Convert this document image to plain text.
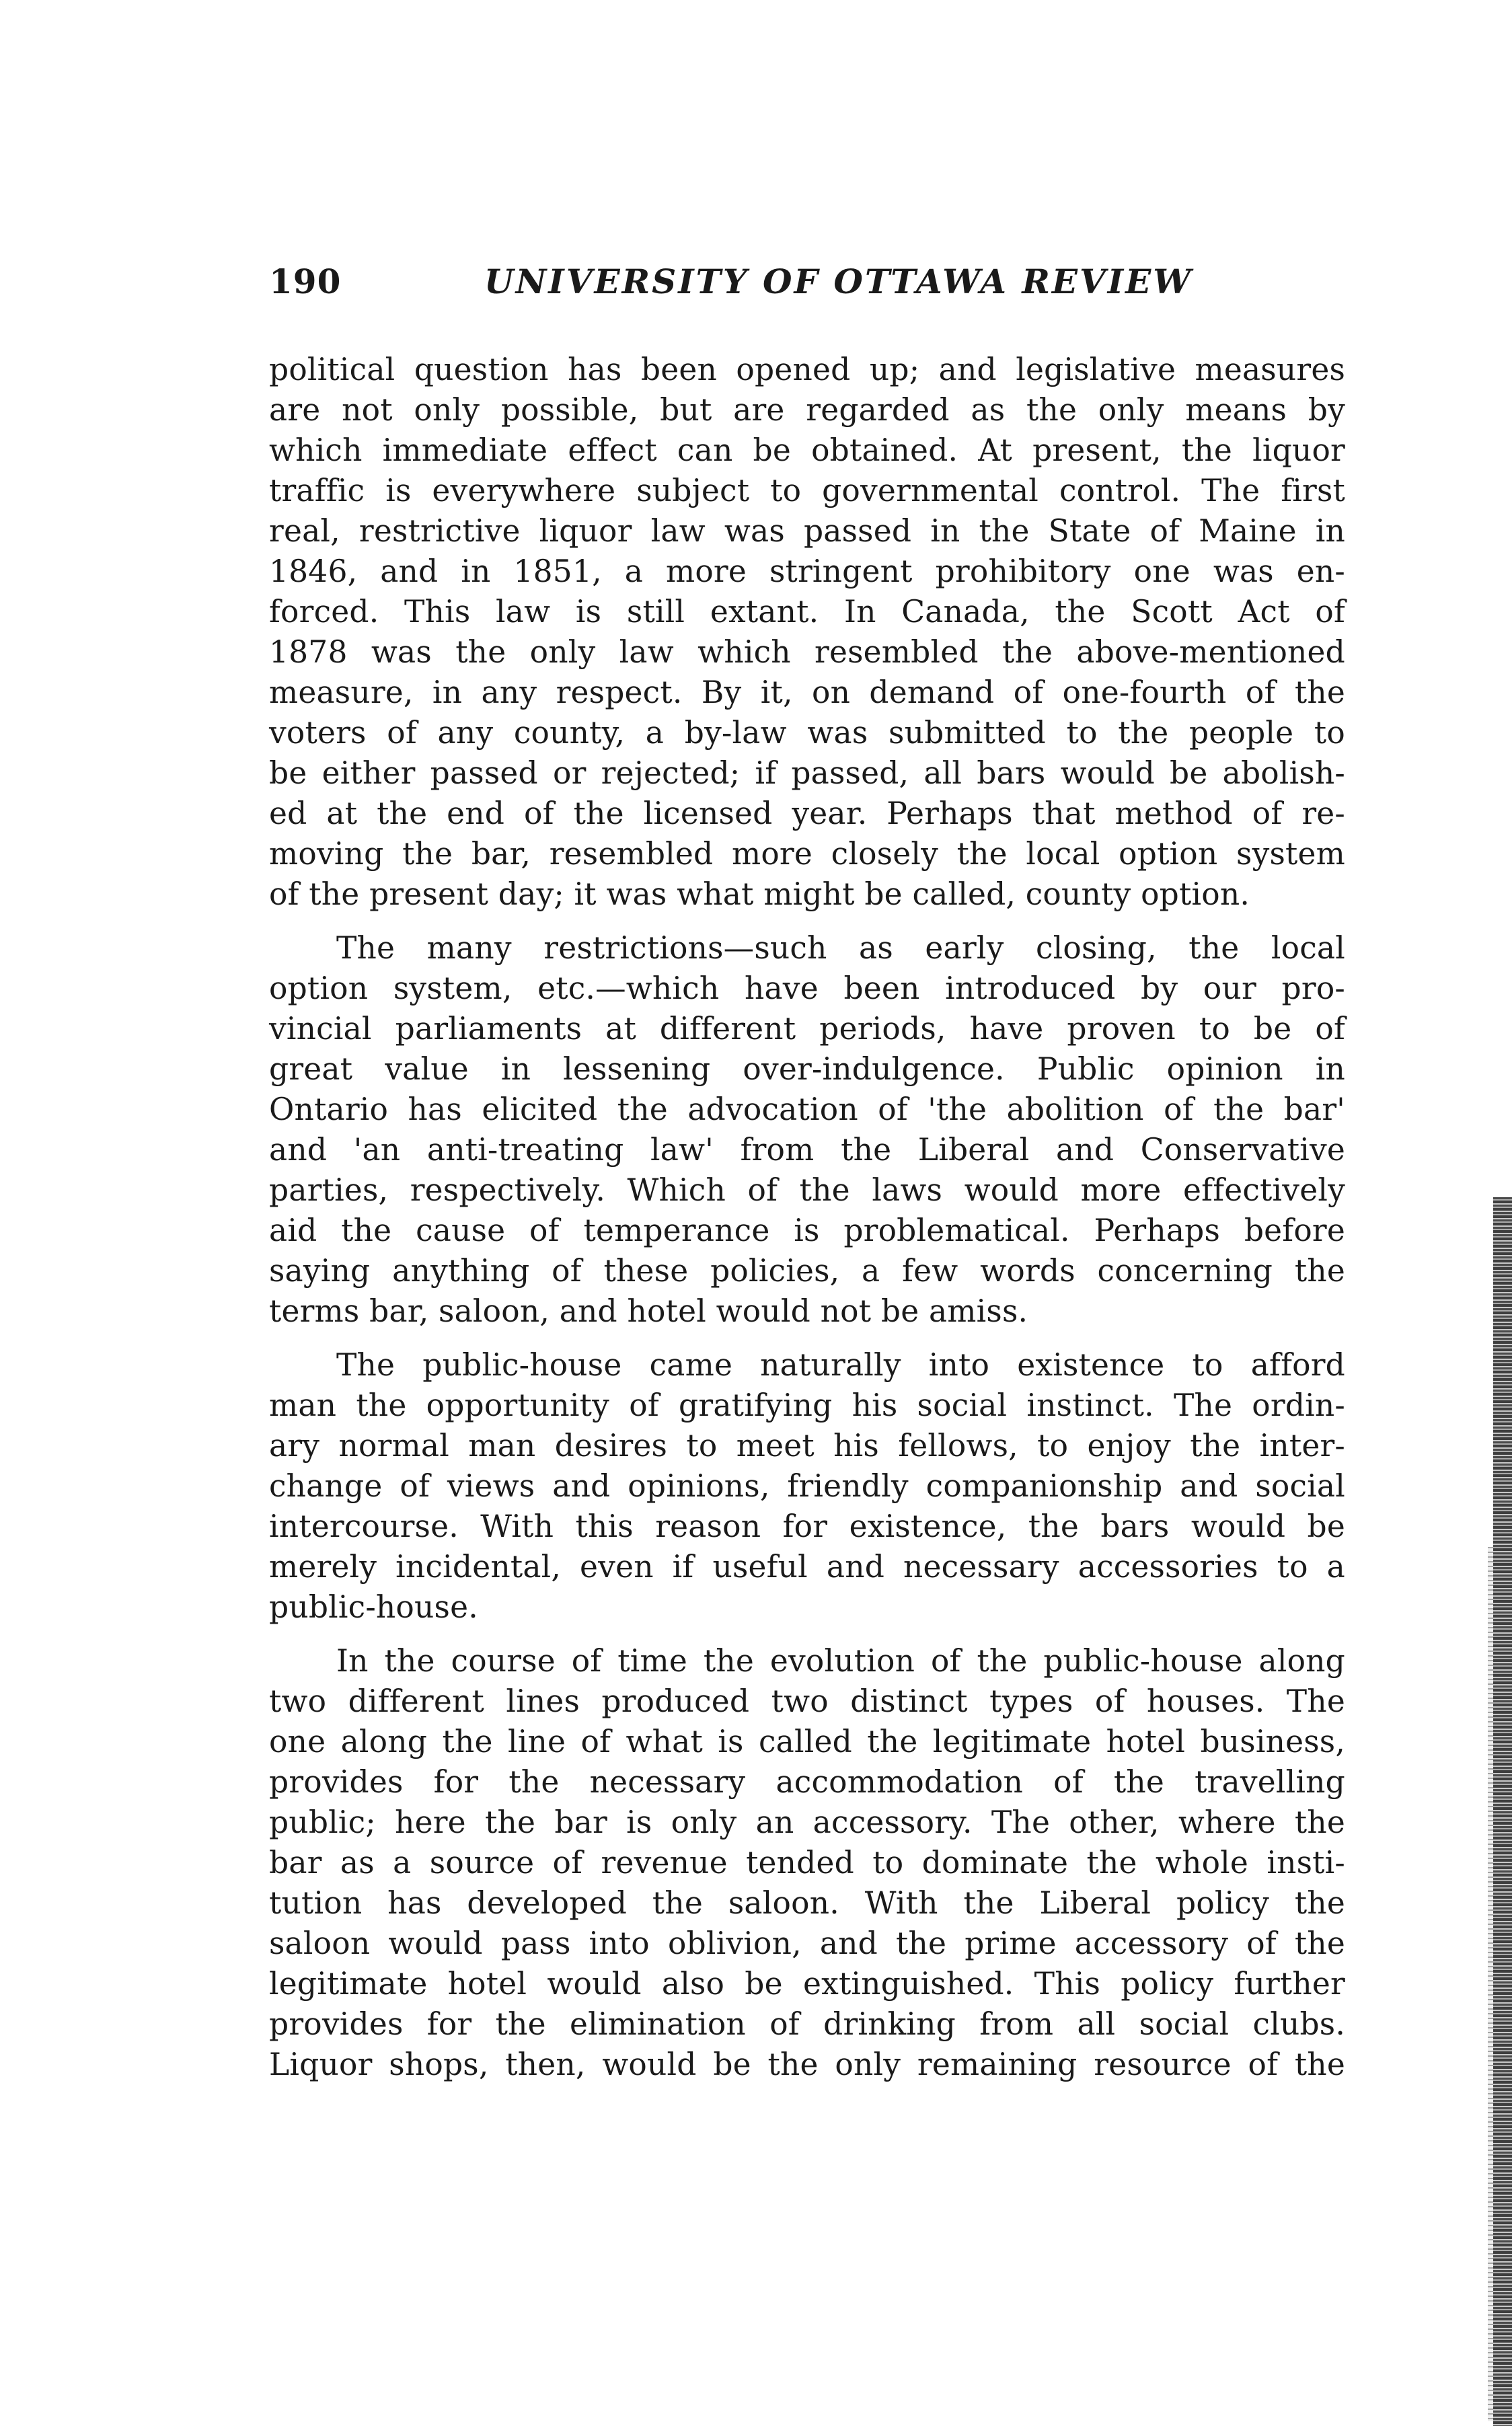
190	UNIVERSITY OF OTTAWA REVIEW
political question has been opened up; and legislative measures
are not only possible, but are regarded as the only means by
which immediate effect can be obtained. At present, the liquor
traffic is everywhere subject to governmental control. The first
real, restrictive liquor law was passed in the State of Maine in
1846, and in 1851, a more stringent prohibitory one was en-
forced. This law is still extant. In Canada, the Scott Act of
1878 was the only law which resembled the above-mentioned
measure, in any respect. By it, on demand of one-fourth of the
voters of any county, a by-law was submitted to the people to
be either passed or rejected; if passed, all bars would be abolish-
ed at the end of the licensed year. Perhaps that method of re-
moving the bar, resembled more closely the local option system
of the present day; it was what might be called, county option.
The many restrictions—such as early closing, the local
option system, etc.—which have been introduced by our pro-
vincial parliaments at different periods, have proven to be of
great value in lessening over-indulgence. Public opinion in
Ontario has elicited the advocation of 'the abolition of the bar'
and 'an anti-treating law' from the Liberal and Conservative
parties, respectively. Which of the laws would more effectively
aid the cause of temperance is problematical. Perhaps before
saying anything of these policies, a few words concerning the
terms bar, saloon, and hotel would not be amiss.
The public-house came naturally into existence to afford
man the opportunity of gratifying his social instinct. The ordin-
ary normal man desires to meet his fellows, to enjoy the inter-
change of views and opinions, friendly companionship and social
intercourse. With this reason for existence, the bars would be
merely incidental, even if useful and necessary accessories to a
public-house.
In the course of time the evolution of the public-house along
two different lines produced two distinct types of houses. The
one along the line of what is called the legitimate hotel business,
provides for the necessary accommodation of the travelling
public; here the bar is only an accessory. The other, where the
bar as a source of revenue tended to dominate the whole insti-
tution has developed the saloon. With the Liberal policy the
saloon would pass into oblivion, and the prime accessory of the
legitimate hotel would also be extinguished. This policy further
provides for the elimination of drinking from all social clubs.
Liquor shops, then, would be the only remaining resource of the
